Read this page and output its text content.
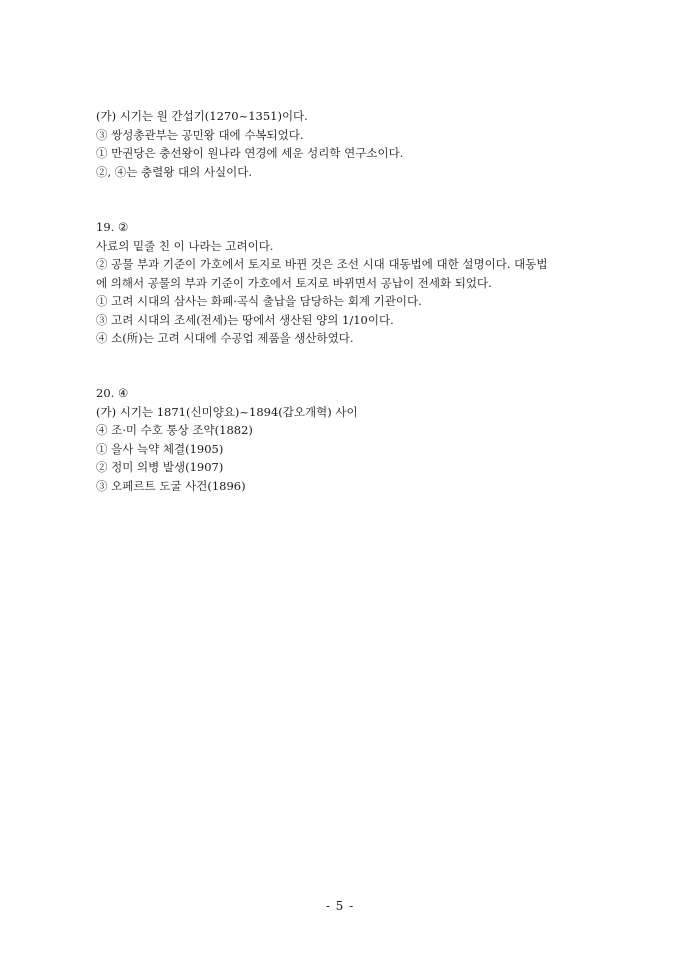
(가) 시기는 원 간섭기(1270~1351)이다.
③ 쌍성총관부는 공민왕 대에 수복되었다.
① 만권당은 충선왕이 원나라 연경에 세운 성리학 연구소이다.
②, ④는 충렬왕 대의 사실이다.
19. ②
사료의 밑줄 친 이 나라는 고려이다.
② 공물 부과 기준이 가호에서 토지로 바뀐 것은 조선 시대 대동법에 대한 설명이다. 대동법
에 의해서 공물의 부과 기준이 가호에서 토지로 바뀌면서 공납이 전세화 되었다.
① 고려 시대의 삼사는 화폐·곡식 출납을 담당하는 회계 기관이다.
③ 고려 시대의 조세(전세)는 땅에서 생산된 양의 1/10이다.
④ 소(所)는 고려 시대에 수공업 제품을 생산하였다.
20. ④
(가) 시기는 1871(신미양요)~1894(갑오개혁) 사이
④ 조·미 수호 통상 조약(1882)
① 을사 늑약 체결(1905)
② 정미 의병 발생(1907)
③ 오페르트 도굴 사건(1896)
- 5 -
